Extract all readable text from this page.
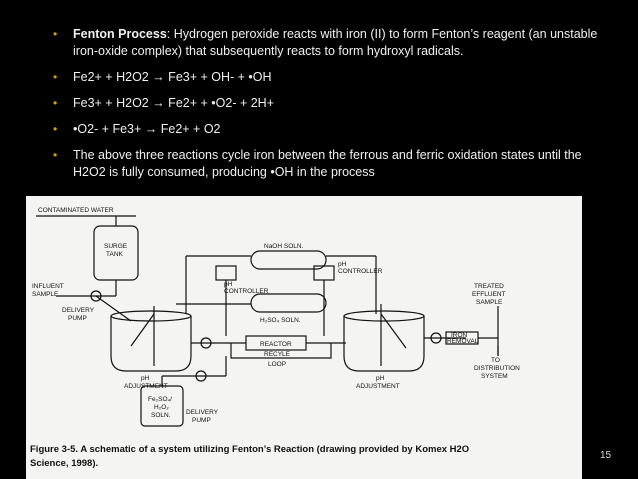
• Fenton Process: Hydrogen peroxide reacts with iron (II) to form Fenton’s reagent (an unstable iron-oxide complex) that subsequently reacts to form hydroxyl radicals.
• Fe2+ + H2O2 → Fe3+ + OH- + •OH
• Fe3+ + H2O2 → Fe2+ + •O2- + 2H+
• •O2- + Fe3+ → Fe2+ + O2
• The above three reactions cycle iron between the ferrous and ferric oxidation states until the H2O2 is fully consumed, producing •OH in the process
CONTAMINATED WATER
SURGE
TANK
INFLUENT
SAMPLE
DELIVERY
PUMP
NaOH SOLN.
pH
CONTROLLER
pH
CONTROLLER
H₂SO₄ SOLN.
REACTOR
RECYLE
LOOP
pH
ADJUSTMENT
pH
ADJUSTMENT
TREATED
EFFLUENT
SAMPLE
IRON
REMOVAL
TO
DISTRIBUTION
SYSTEM
Fe₂SO₄/
H₂O₂
SOLN. DELIVERY
PUMP
Figure 3-5. A schematic of a system utilizing Fenton’s Reaction (drawing provided by Komex H2O
Science, 1998).
15
